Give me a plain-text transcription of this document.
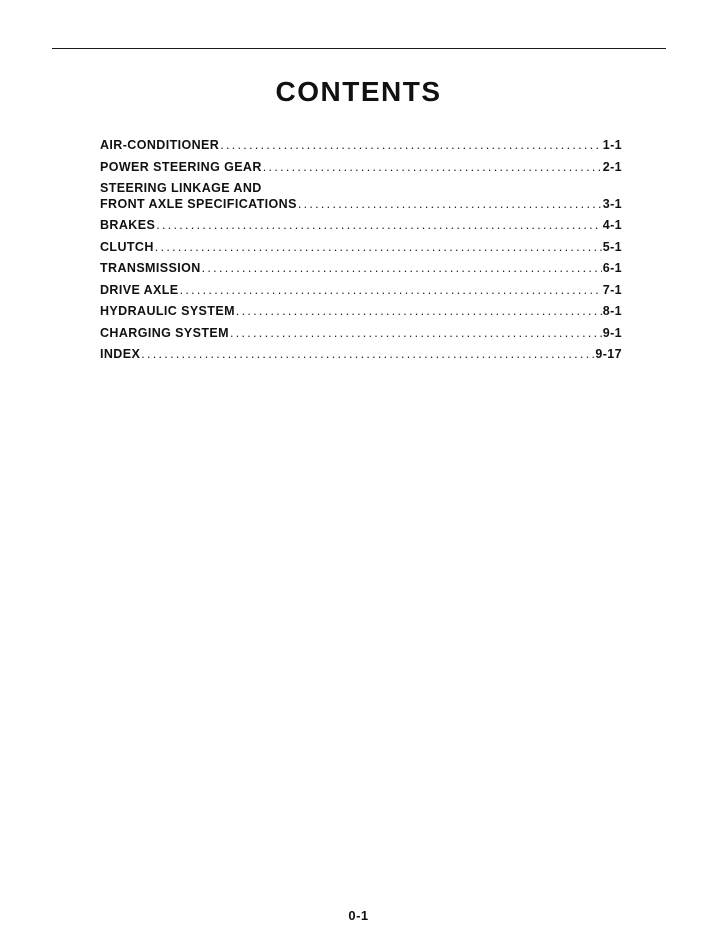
CONTENTS
AIR-CONDITIONER .....	1-1
POWER STEERING GEAR .....	2-1
STEERING LINKAGE AND
FRONT AXLE SPECIFICATIONS .....	3-1
BRAKES .....	4-1
CLUTCH .....	5-1
TRANSMISSION .....	6-1
DRIVE AXLE .....	7-1
HYDRAULIC SYSTEM .....	8-1
CHARGING SYSTEM .....	9-1
INDEX .....	9-17
0-1
